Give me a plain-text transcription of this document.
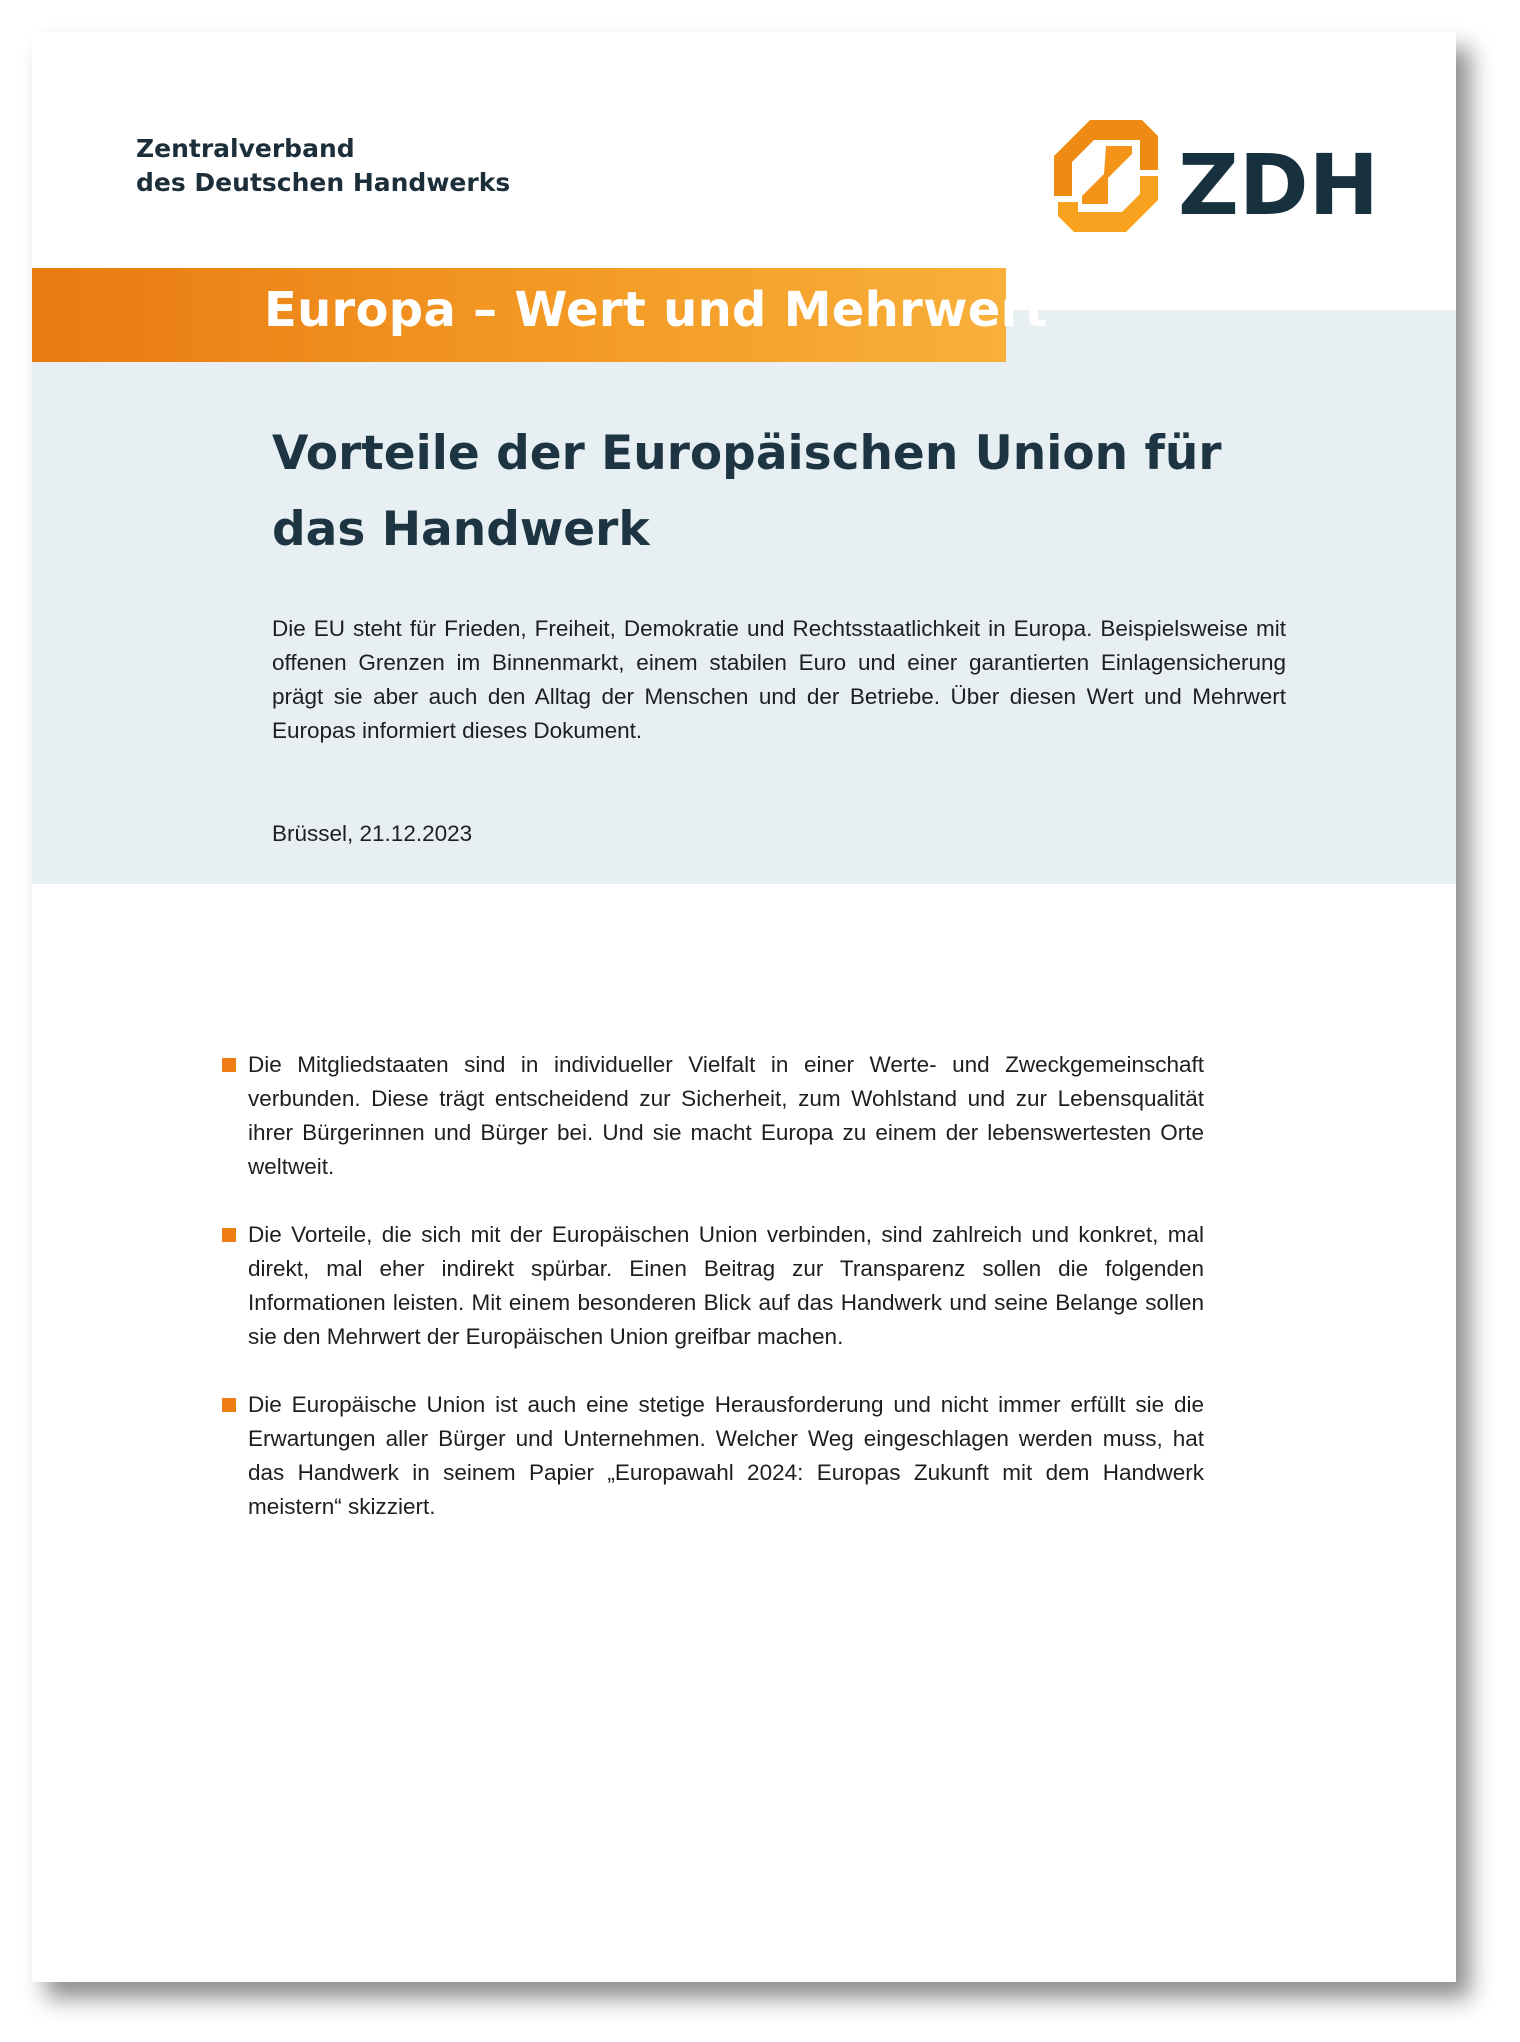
Zentralverband
des Deutschen Handwerks	ZDH
Europa – Wert und Mehrwert
Vorteile der Europäischen Union für das Handwerk

Die EU steht für Frieden, Freiheit, Demokratie und Rechtsstaatlichkeit in Europa. Beispielsweise mit offenen Grenzen im Binnenmarkt, einem stabilen Euro und einer garantierten Einlagensicherung prägt sie aber auch den Alltag der Menschen und der Betriebe. Über diesen Wert und Mehrwert Europas informiert dieses Dokument.

Brüssel, 21.12.2023
Die Mitgliedstaaten sind in individueller Vielfalt in einer Werte- und Zweckgemeinschaft verbunden. Diese trägt entscheidend zur Sicherheit, zum Wohlstand und zur Lebensqualität ihrer Bürgerinnen und Bürger bei. Und sie macht Europa zu einem der lebenswertesten Orte weltweit.
Die Vorteile, die sich mit der Europäischen Union verbinden, sind zahlreich und konkret, mal direkt, mal eher indirekt spürbar. Einen Beitrag zur Transparenz sollen die folgenden Informationen leisten. Mit einem besonderen Blick auf das Handwerk und seine Belange sollen sie den Mehrwert der Europäischen Union greifbar machen.
Die Europäische Union ist auch eine stetige Herausforderung und nicht immer erfüllt sie die Erwartungen aller Bürger und Unternehmen. Welcher Weg eingeschlagen werden muss, hat das Handwerk in seinem Papier „Europawahl 2024: Europas Zukunft mit dem Handwerk meistern“ skizziert.
